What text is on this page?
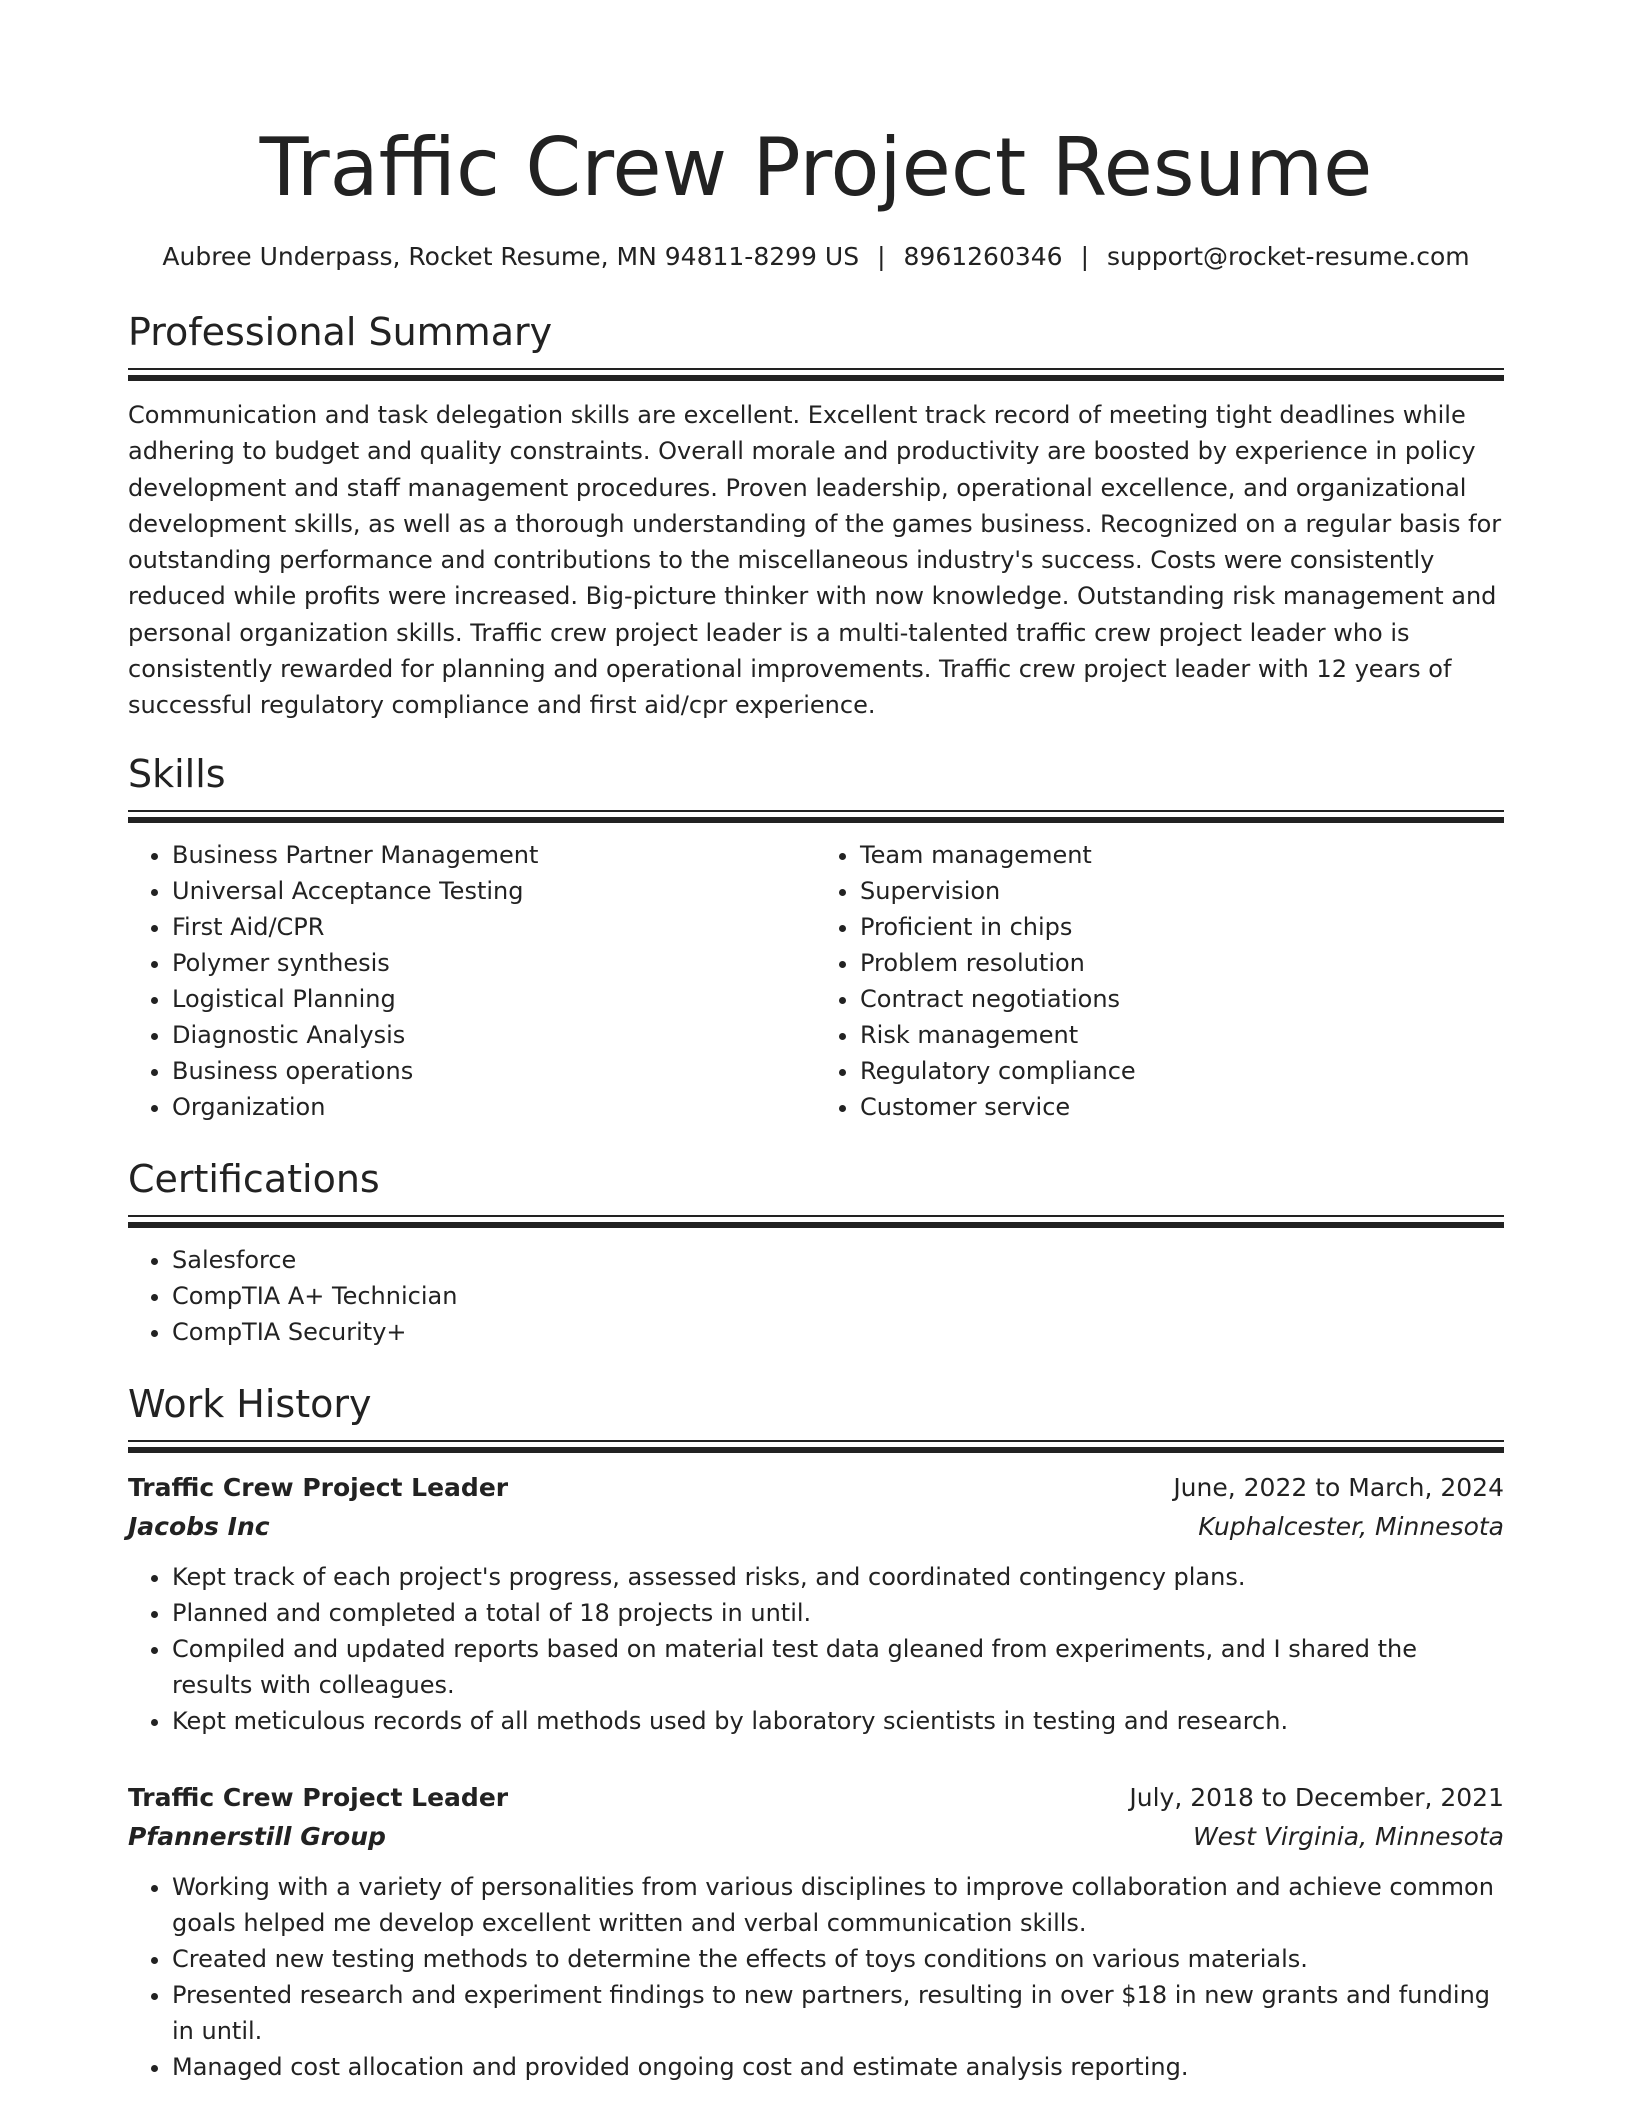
Traffic Crew Project Resume
Aubree Underpass, Rocket Resume, MN 94811-8299 US | 8961260346 | support@rocket-resume.com
Professional Summary

Communication and task delegation skills are excellent. Excellent track record of meeting tight deadlines while adhering to budget and quality constraints. Overall morale and productivity are boosted by experience in policy development and staff management procedures. Proven leadership, operational excellence, and organizational development skills, as well as a thorough understanding of the games business. Recognized on a regular basis for outstanding performance and contributions to the miscellaneous industry's success. Costs were consistently reduced while profits were increased. Big-picture thinker with now knowledge. Outstanding risk management and personal organization skills. Traffic crew project leader is a multi-talented traffic crew project leader who is consistently rewarded for planning and operational improvements. Traffic crew project leader with 12 years of successful regulatory compliance and first aid/cpr experience.

Skills
• Business Partner Management
• Universal Acceptance Testing
• First Aid/CPR
• Polymer synthesis
• Logistical Planning
• Diagnostic Analysis
• Business operations
• Organization
• Team management
• Supervision
• Proficient in chips
• Problem resolution
• Contract negotiations
• Risk management
• Regulatory compliance
• Customer service
Certifications
• Salesforce
• CompTIA A+ Technician
• CompTIA Security+
Work History
Traffic Crew Project Leader	June, 2022 to March, 2024
Jacobs Inc	Kuphalcester, Minnesota
• Kept track of each project's progress, assessed risks, and coordinated contingency plans.
• Planned and completed a total of 18 projects in until.
• Compiled and updated reports based on material test data gleaned from experiments, and I shared the results with colleagues.
• Kept meticulous records of all methods used by laboratory scientists in testing and research.
Traffic Crew Project Leader	July, 2018 to December, 2021
Pfannerstill Group	West Virginia, Minnesota
• Working with a variety of personalities from various disciplines to improve collaboration and achieve common goals helped me develop excellent written and verbal communication skills.
• Created new testing methods to determine the effects of toys conditions on various materials.
• Presented research and experiment findings to new partners, resulting in over $18 in new grants and funding in until.
• Managed cost allocation and provided ongoing cost and estimate analysis reporting.
